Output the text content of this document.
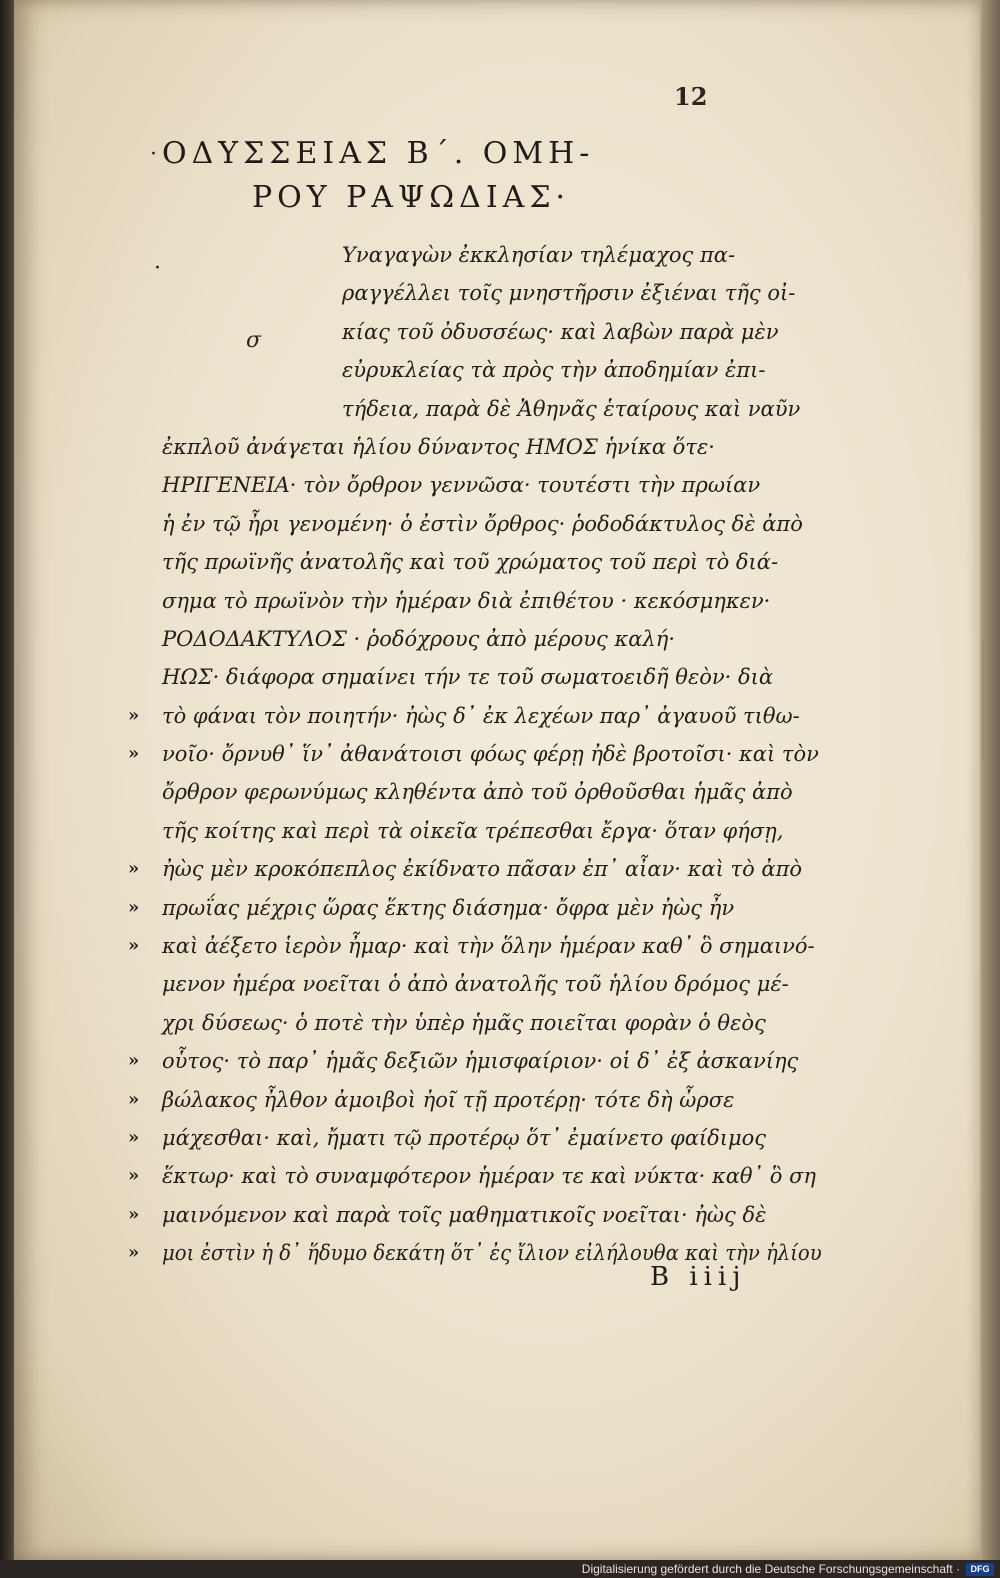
12
· ΟΔΥΣΣΕΙΑΣ Β΄. ΟΜΗ-
ΡΟΥ ΡΑΨΩΔΙΑΣ·
·
σ
Υναγαγὼν ἐκκλησίαν τηλέμαχος πα-
ραγγέλλει τοῖς μνηστῆρσιν ἐξιέναι τῆς οἰ-
κίας τοῦ ὀδυσσέως· καὶ λαβὼν παρὰ μὲν
εὐρυκλείας τὰ πρὸς τὴν ἀποδημίαν ἐπι-
τήδεια, παρὰ δὲ Ἀθηνᾶς ἑταίρους καὶ ναῦν
ἐκπλοῦ ἀνάγεται ἡλίου δύναντος ΗΜΟΣ ἡνίκα ὅτε·
ΗΡΙΓΕΝΕΙΑ· τὸν ὄρθρον γεννῶσα· τουτέστι τὴν πρωίαν
ἡ ἐν τῷ ἦρι γενομένη· ὁ ἐστὶν ὄρθρος· ῥοδοδάκτυλος δὲ ἀπὸ
τῆς πρωϊνῆς ἀνατολῆς καὶ τοῦ χρώματος τοῦ περὶ τὸ διά-
σημα τὸ πρωϊνὸν τὴν ἡμέραν διὰ ἐπιθέτου · κεκόσμηκεν·
ΡΟΔΟΔΑΚΤΥΛΟΣ · ῥοδόχρους ἀπὸ μέρους καλή·
ΗΩΣ· διάφορα σημαίνει τήν τε τοῦ σωματοειδῆ θεὸν· διὰ
» τὸ φάναι τὸν ποιητήν· ἠὼς δ᾽ ἐκ λεχέων παρ᾽ ἀγαυοῦ τιθω-
» νοῖο· ὄρνυθ᾽ ἵν᾽ ἀθανάτοισι φόως φέρῃ ἠδὲ βροτοῖσι· καὶ τὸν
ὄρθρον φερωνύμως κληθέντα ἀπὸ τοῦ ὀρθοῦσθαι ἡμᾶς ἀπὸ
τῆς κοίτης καὶ περὶ τὰ οἰκεῖα τρέπεσθαι ἔργα· ὅταν φήσῃ,
» ἠὼς μὲν κροκόπεπλος ἐκίδνατο πᾶσαν ἐπ᾽ αἶαν· καὶ τὸ ἀπὸ
» πρωΐας μέχρις ὥρας ἕκτης διάσημα· ὄφρα μὲν ἠὼς ἦν
» καὶ ἀέξετο ἱερὸν ἦμαρ· καὶ τὴν ὅλην ἡμέραν καθ᾽ ὃ σημαινό-
μενον ἡμέρα νοεῖται ὁ ἀπὸ ἀνατολῆς τοῦ ἡλίου δρόμος μέ-
χρι δύσεως· ὁ ποτὲ τὴν ὑπὲρ ἡμᾶς ποιεῖται φορὰν ὁ θεὸς
» οὗτος· τὸ παρ᾽ ἡμᾶς δεξιῶν ἡμισφαίριον· οἱ δ᾽ ἐξ ἀσκανίης
» βώλακος ἦλθον ἀμοιβοὶ ἠοῖ τῇ προτέρῃ· τότε δὴ ὦρσε
» μάχεσθαι· καὶ, ἤματι τῷ προτέρῳ ὅτ᾽ ἐμαίνετο φαίδιμος
» ἕκτωρ· καὶ τὸ συναμφότερον ἡμέραν τε καὶ νύκτα· καθ᾽ ὃ ση
» μαινόμενον καὶ παρὰ τοῖς μαθηματικοῖς νοεῖται· ἠὼς δὲ
» μοι ἐστὶν ἡ δ᾽ ἥδυμο δεκάτη ὅτ᾽ ἐς ἴλιον εἰλήλουθα καὶ τὴν ἡλίου
B iiij
Digitalisierung gefördert durch die Deutsche Forschungsgemeinschaft ·	DFG
